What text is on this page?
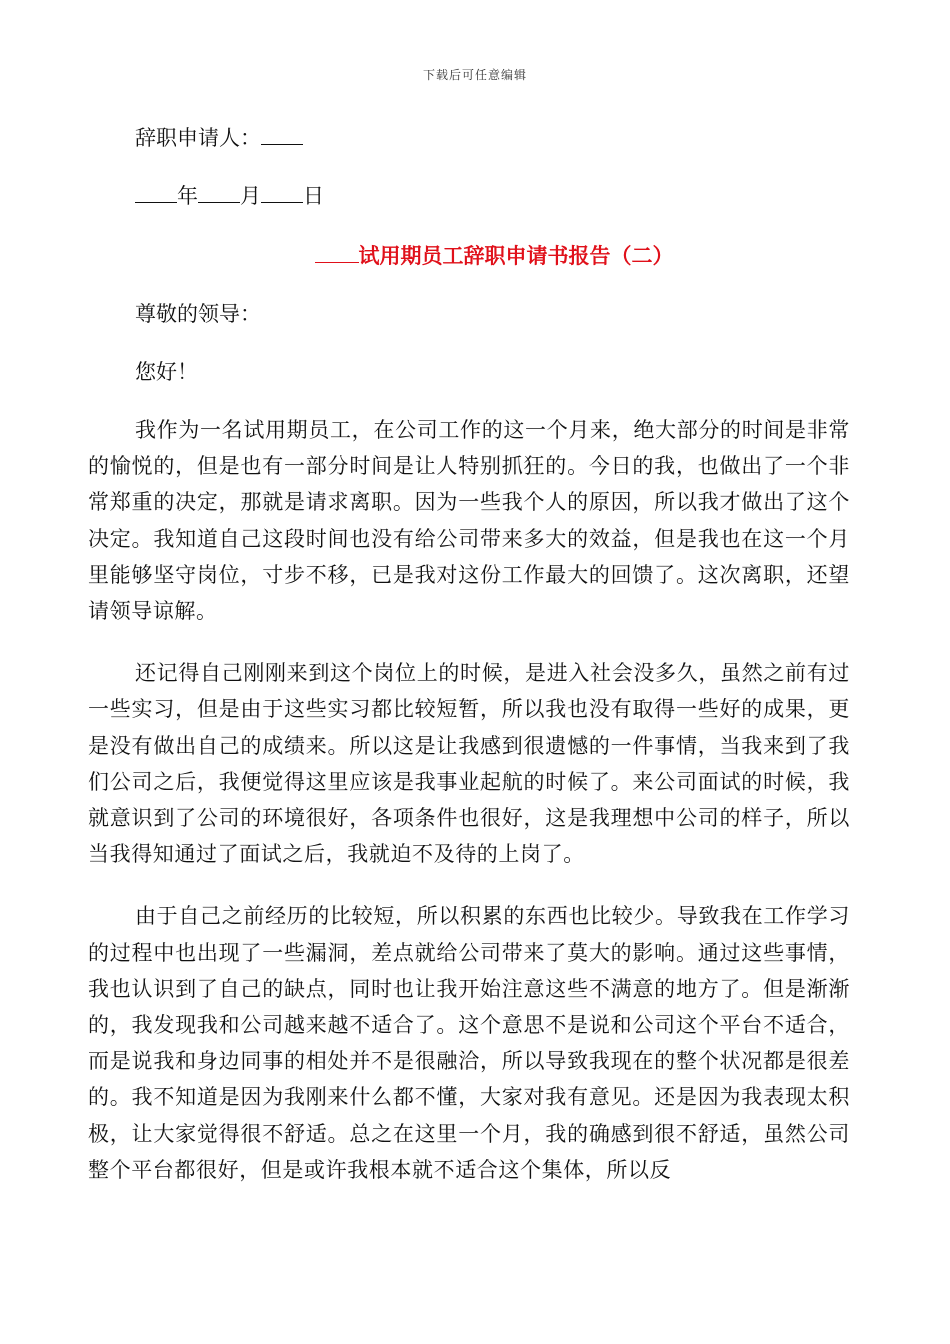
下载后可任意编辑

辞职申请人：

年 月 日

试用期员工辞职申请书报告（二）

尊敬的领导：

您好！

我作为一名试用期员工，在公司工作的这一个月来，绝大部分的时间是非常的愉悦的，但是也有一部分时间是让人特别抓狂的。今日的我，也做出了一个非常郑重的决定，那就是请求离职。因为一些我个人的原因，所以我才做出了这个决定。我知道自己这段时间也没有给公司带来多大的效益，但是我也在这一个月里能够坚守岗位，寸步不移，已是我对这份工作最大的回馈了。这次离职，还望请领导谅解。

还记得自己刚刚来到这个岗位上的时候，是进入社会没多久，虽然之前有过一些实习，但是由于这些实习都比较短暂，所以我也没有取得一些好的成果，更是没有做出自己的成绩来。所以这是让我感到很遗憾的一件事情，当我来到了我们公司之后，我便觉得这里应该是我事业起航的时候了。来公司面试的时候，我就意识到了公司的环境很好，各项条件也很好，这是我理想中公司的样子，所以当我得知通过了面试之后，我就迫不及待的上岗了。

由于自己之前经历的比较短，所以积累的东西也比较少。导致我在工作学习的过程中也出现了一些漏洞，差点就给公司带来了莫大的影响。通过这些事情，我也认识到了自己的缺点，同时也让我开始注意这些不满意的地方了。但是渐渐的，我发现我和公司越来越不适合了。这个意思不是说和公司这个平台不适合，而是说我和身边同事的相处并不是很融洽，所以导致我现在的整个状况都是很差的。我不知道是因为我刚来什么都不懂，大家对我有意见。还是因为我表现太积极，让大家觉得很不舒适。总之在这里一个月，我的确感到很不舒适，虽然公司整个平台都很好，但是或许我根本就不适合这个集体，所以反
